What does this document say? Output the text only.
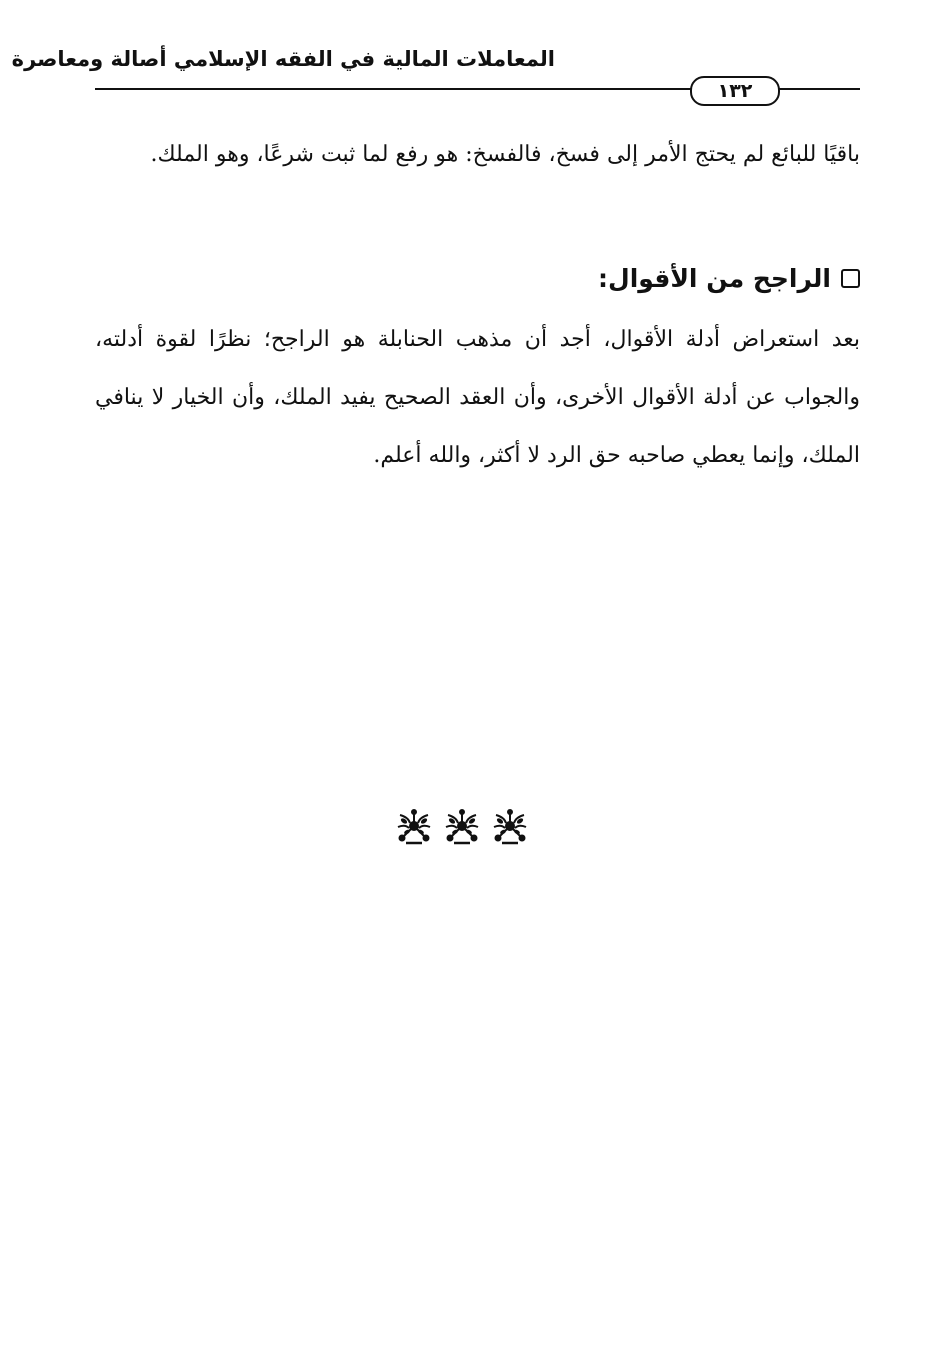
المعاملات المالية في الفقه الإسلامي أصالة ومعاصرة
١٣٢
باقيًا للبائع لم يحتج الأمر إلى فسخ، فالفسخ: هو رفع لما ثبت شرعًا، وهو الملك.
الراجح من الأقوال:
بعد استعراض أدلة الأقوال، أجد أن مذهب الحنابلة هو الراجح؛ نظرًا لقوة أدلته، والجواب عن أدلة الأقوال الأخرى، وأن العقد الصحيح يفيد الملك، وأن الخيار لا ينافي الملك، وإنما يعطي صاحبه حق الرد لا أكثر، والله أعلم.
